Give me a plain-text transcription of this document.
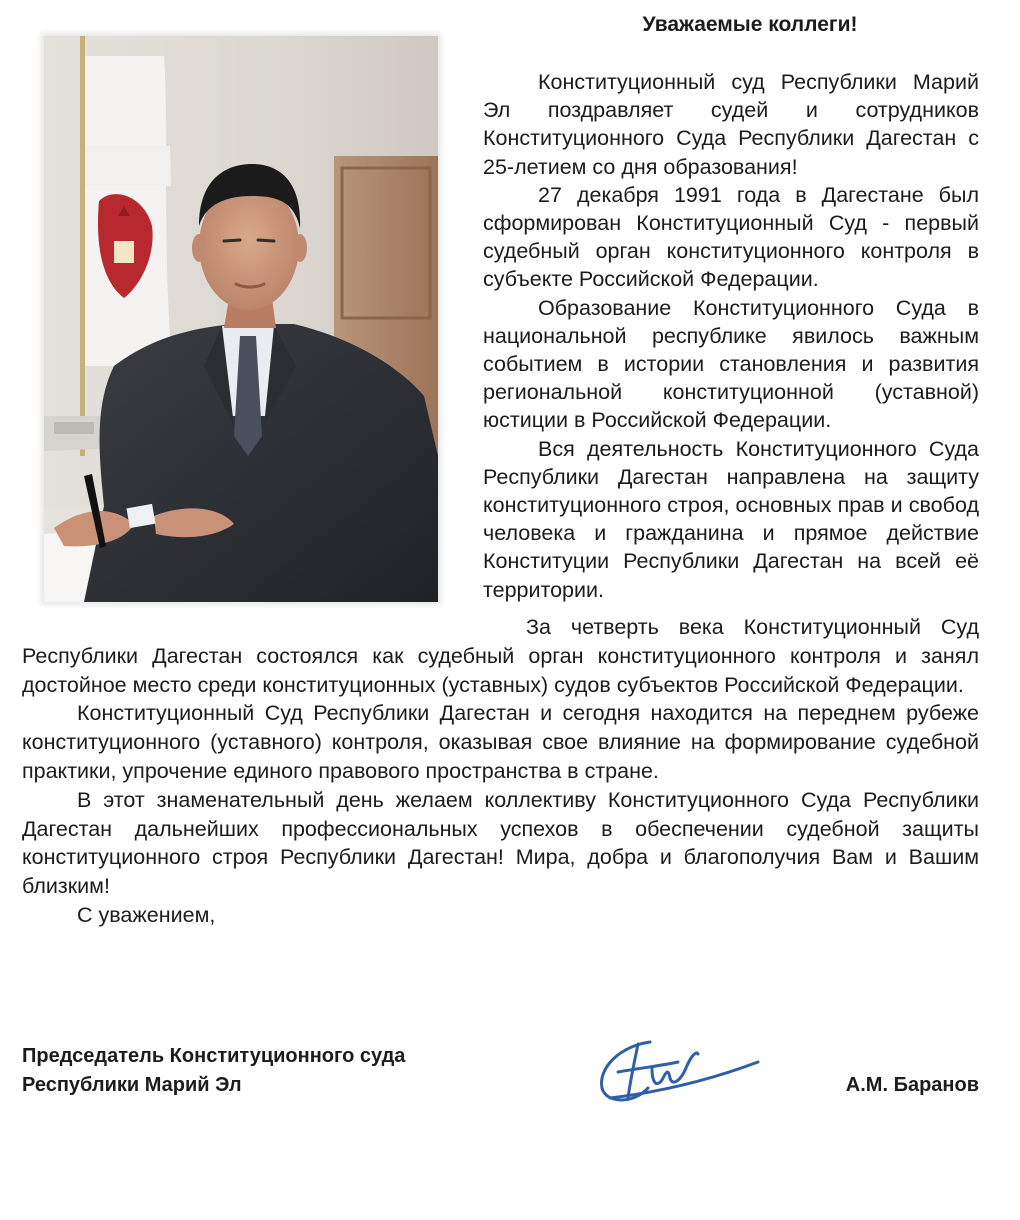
Уважаемые коллеги!

Конституционный суд Республики Марий Эл поздравляет судей и сотрудников Конституционного Суда Республики Дагестан с 25-летием со дня образования!

27 декабря 1991 года в Дагестане был сформирован Конституционный Суд - первый судебный орган конституционного контроля в субъекте Российской Федерации.

Образование Конституционного Суда в национальной республике явилось важным событием в истории становления и развития региональной конституционной (уставной) юстиции в Российской Федерации.

Вся деятельность Конституционного Суда Республики Дагестан направлена на защиту конституционного строя, основных прав и свобод человека и гражданина и прямое действие Конституции Республики Дагестан на всей её территории.

За четверть века Конституционный Суд Республики Дагестан состоялся как судебный орган конституционного контроля и занял достойное место среди конституционных (уставных) судов субъектов Российской Федерации.

Конституционный Суд Республики Дагестан и сегодня находится на переднем рубеже конституционного (уставного) контроля, оказывая свое влияние на формирование судебной практики, упрочение единого правового пространства в стране.

В этот знаменательный день желаем коллективу Конституционного Суда Республики Дагестан дальнейших профессиональных успехов в обеспечении судебной защиты конституционного строя Республики Дагестан! Мира, добра и благополучия Вам и Вашим близким!

С уважением,

Председатель Конституционного суда
Республики Марий Эл	А.М. Баранов
